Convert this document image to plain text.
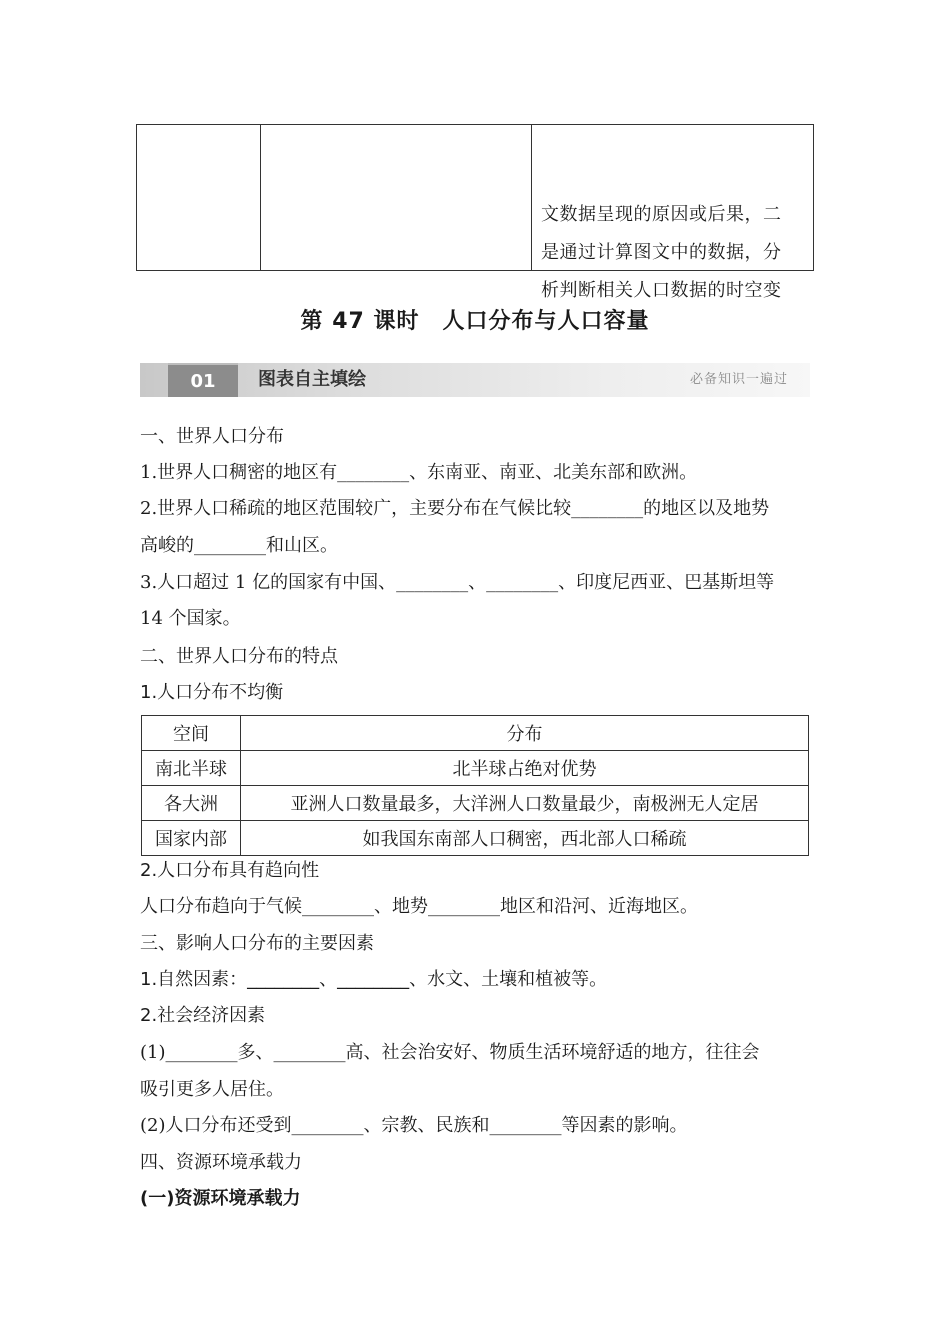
文数据呈现的原因或后果，二
是通过计算图文中的数据，分
析判断相关人口数据的时空变
第 47 课时　人口分布与人口容量
01	图表自主填绘	必备知识一遍过
一、世界人口分布
1.世界人口稠密的地区有________、东南亚、南亚、北美东部和欧洲。
2.世界人口稀疏的地区范围较广，主要分布在气候比较________的地区以及地势
高峻的________和山区。
3.人口超过 1 亿的国家有中国、________、________、印度尼西亚、巴基斯坦等
14 个国家。
二、世界人口分布的特点
1.人口分布不均衡
空间	分布
南北半球	北半球占绝对优势
各大洲	亚洲人口数量最多，大洋洲人口数量最少，南极洲无人定居
国家内部	如我国东南部人口稠密，西北部人口稀疏
2.人口分布具有趋向性
人口分布趋向于气候________、地势________地区和沿河、近海地区。
三、影响人口分布的主要因素
1.自然因素：________、________、水文、土壤和植被等。
2.社会经济因素
(1)________多、________高、社会治安好、物质生活环境舒适的地方，往往会
吸引更多人居住。
(2)人口分布还受到________、宗教、民族和________等因素的影响。
四、资源环境承载力
(一)资源环境承载力
